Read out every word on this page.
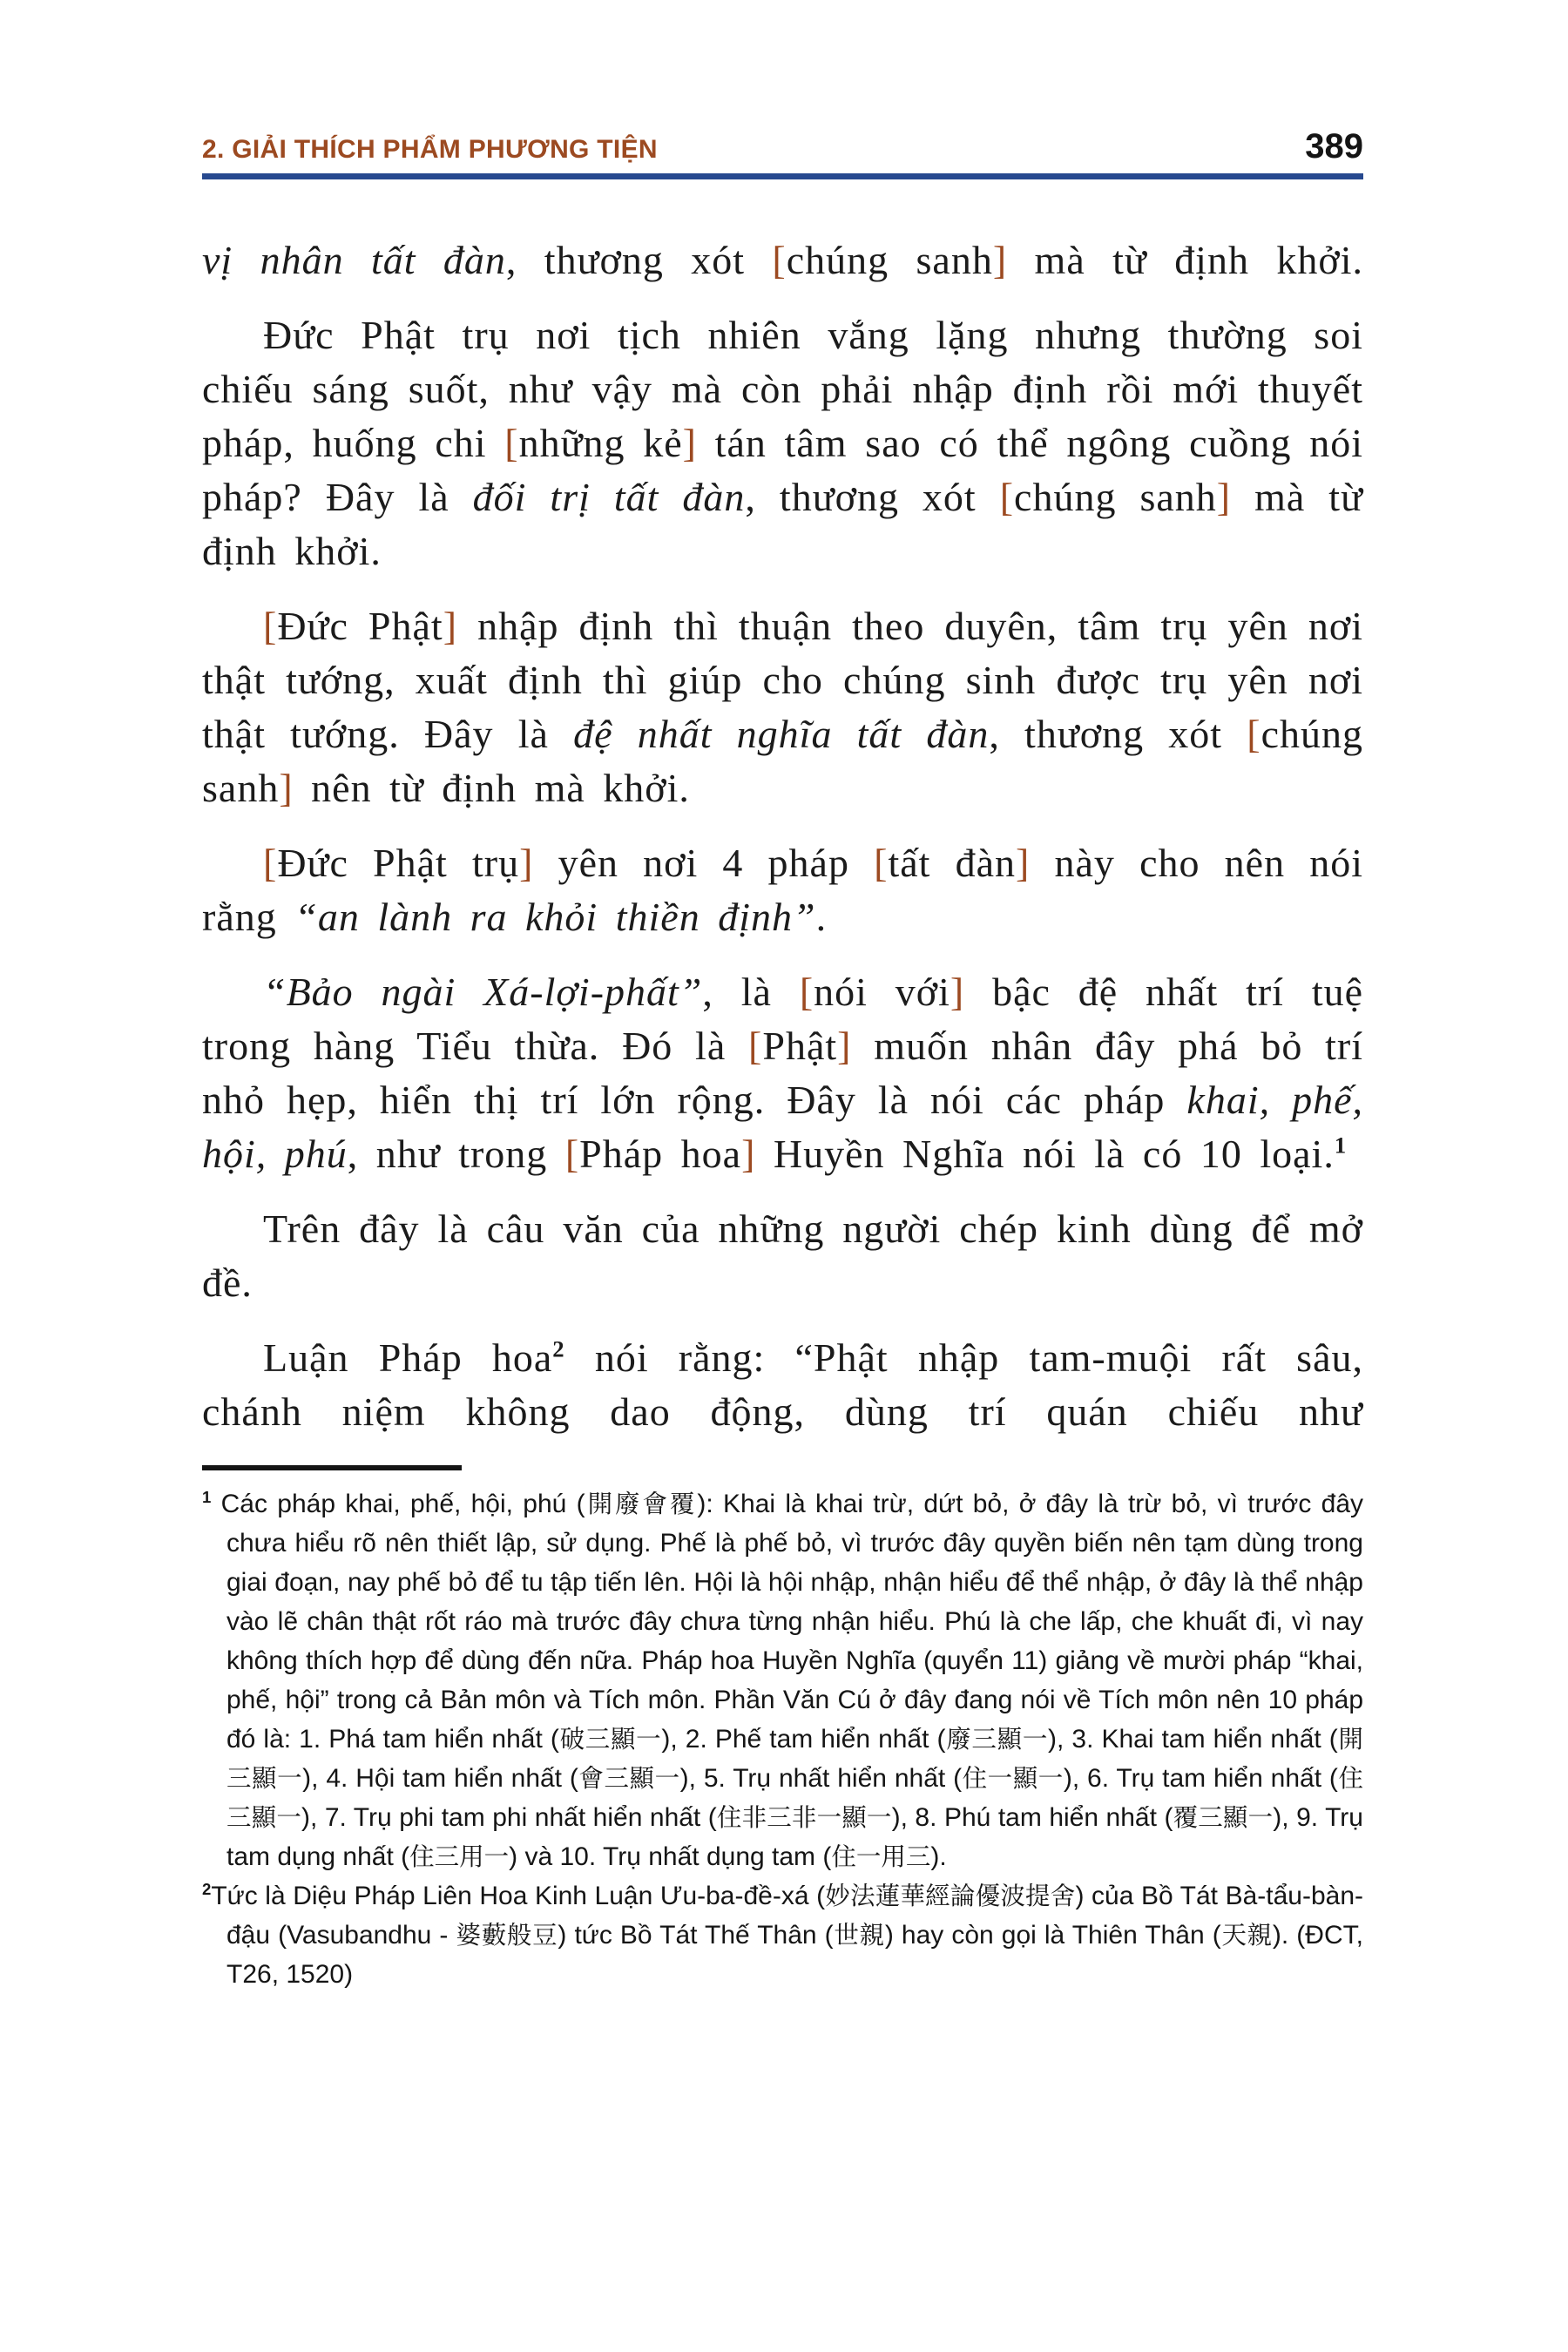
2. GIẢI THÍCH PHẨM PHƯƠNG TIỆN	389

vị nhân tất đàn, thương xót [chúng sanh] mà từ định khởi.

Đức Phật trụ nơi tịch nhiên vắng lặng nhưng thường soi chiếu sáng suốt, như vậy mà còn phải nhập định rồi mới thuyết pháp, huống chi [những kẻ] tán tâm sao có thể ngông cuồng nói pháp? Đây là đối trị tất đàn, thương xót [chúng sanh] mà từ định khởi.

[Đức Phật] nhập định thì thuận theo duyên, tâm trụ yên nơi thật tướng, xuất định thì giúp cho chúng sinh được trụ yên nơi thật tướng. Đây là đệ nhất nghĩa tất đàn, thương xót [chúng sanh] nên từ định mà khởi.

[Đức Phật trụ] yên nơi 4 pháp [tất đàn] này cho nên nói rằng “an lành ra khỏi thiền định”.

“Bảo ngài Xá-lợi-phất”, là [nói với] bậc đệ nhất trí tuệ trong hàng Tiểu thừa. Đó là [Phật] muốn nhân đây phá bỏ trí nhỏ hẹp, hiển thị trí lớn rộng. Đây là nói các pháp khai, phế, hội, phú, như trong [Pháp hoa] Huyền Nghĩa nói là có 10 loại.$^1$

Trên đây là câu văn của những người chép kinh dùng để mở đề.

Luận Pháp hoa$^2$ nói rằng: “Phật nhập tam-muội rất sâu, chánh niệm không dao động, dùng trí quán chiếu như

$^1$ Các pháp khai, phế, hội, phú (開廢會覆): Khai là khai trừ, dứt bỏ, ở đây là trừ bỏ, vì trước đây chưa hiểu rõ nên thiết lập, sử dụng. Phế là phế bỏ, vì trước đây quyền biến nên tạm dùng trong giai đoạn, nay phế bỏ để tu tập tiến lên. Hội là hội nhập, nhận hiểu để thể nhập, ở đây là thể nhập vào lẽ chân thật rốt ráo mà trước đây chưa từng nhận hiểu. Phú là che lấp, che khuất đi, vì nay không thích hợp để dùng đến nữa. Pháp hoa Huyền Nghĩa (quyển 11) giảng về mười pháp “khai, phế, hội” trong cả Bản môn và Tích môn. Phần Văn Cú ở đây đang nói về Tích môn nên 10 pháp đó là: 1. Phá tam hiển nhất (破三顯一), 2. Phế tam hiển nhất (廢三顯一), 3. Khai tam hiển nhất (開三顯一), 4. Hội tam hiển nhất (會三顯一), 5. Trụ nhất hiển nhất (住一顯一), 6. Trụ tam hiển nhất (住三顯一), 7. Trụ phi tam phi nhất hiển nhất (住非三非一顯一), 8. Phú tam hiển nhất (覆三顯一), 9. Trụ tam dụng nhất (住三用一) và 10. Trụ nhất dụng tam (住一用三).
$^2$Tức là Diệu Pháp Liên Hoa Kinh Luận Ưu-ba-đề-xá (妙法蓮華經論優波提舍) của Bồ Tát Bà-tẩu-bàn-đậu (Vasubandhu - 婆藪般豆) tức Bồ Tát Thế Thân (世親) hay còn gọi là Thiên Thân (天親). (ĐCT, T26, 1520)
